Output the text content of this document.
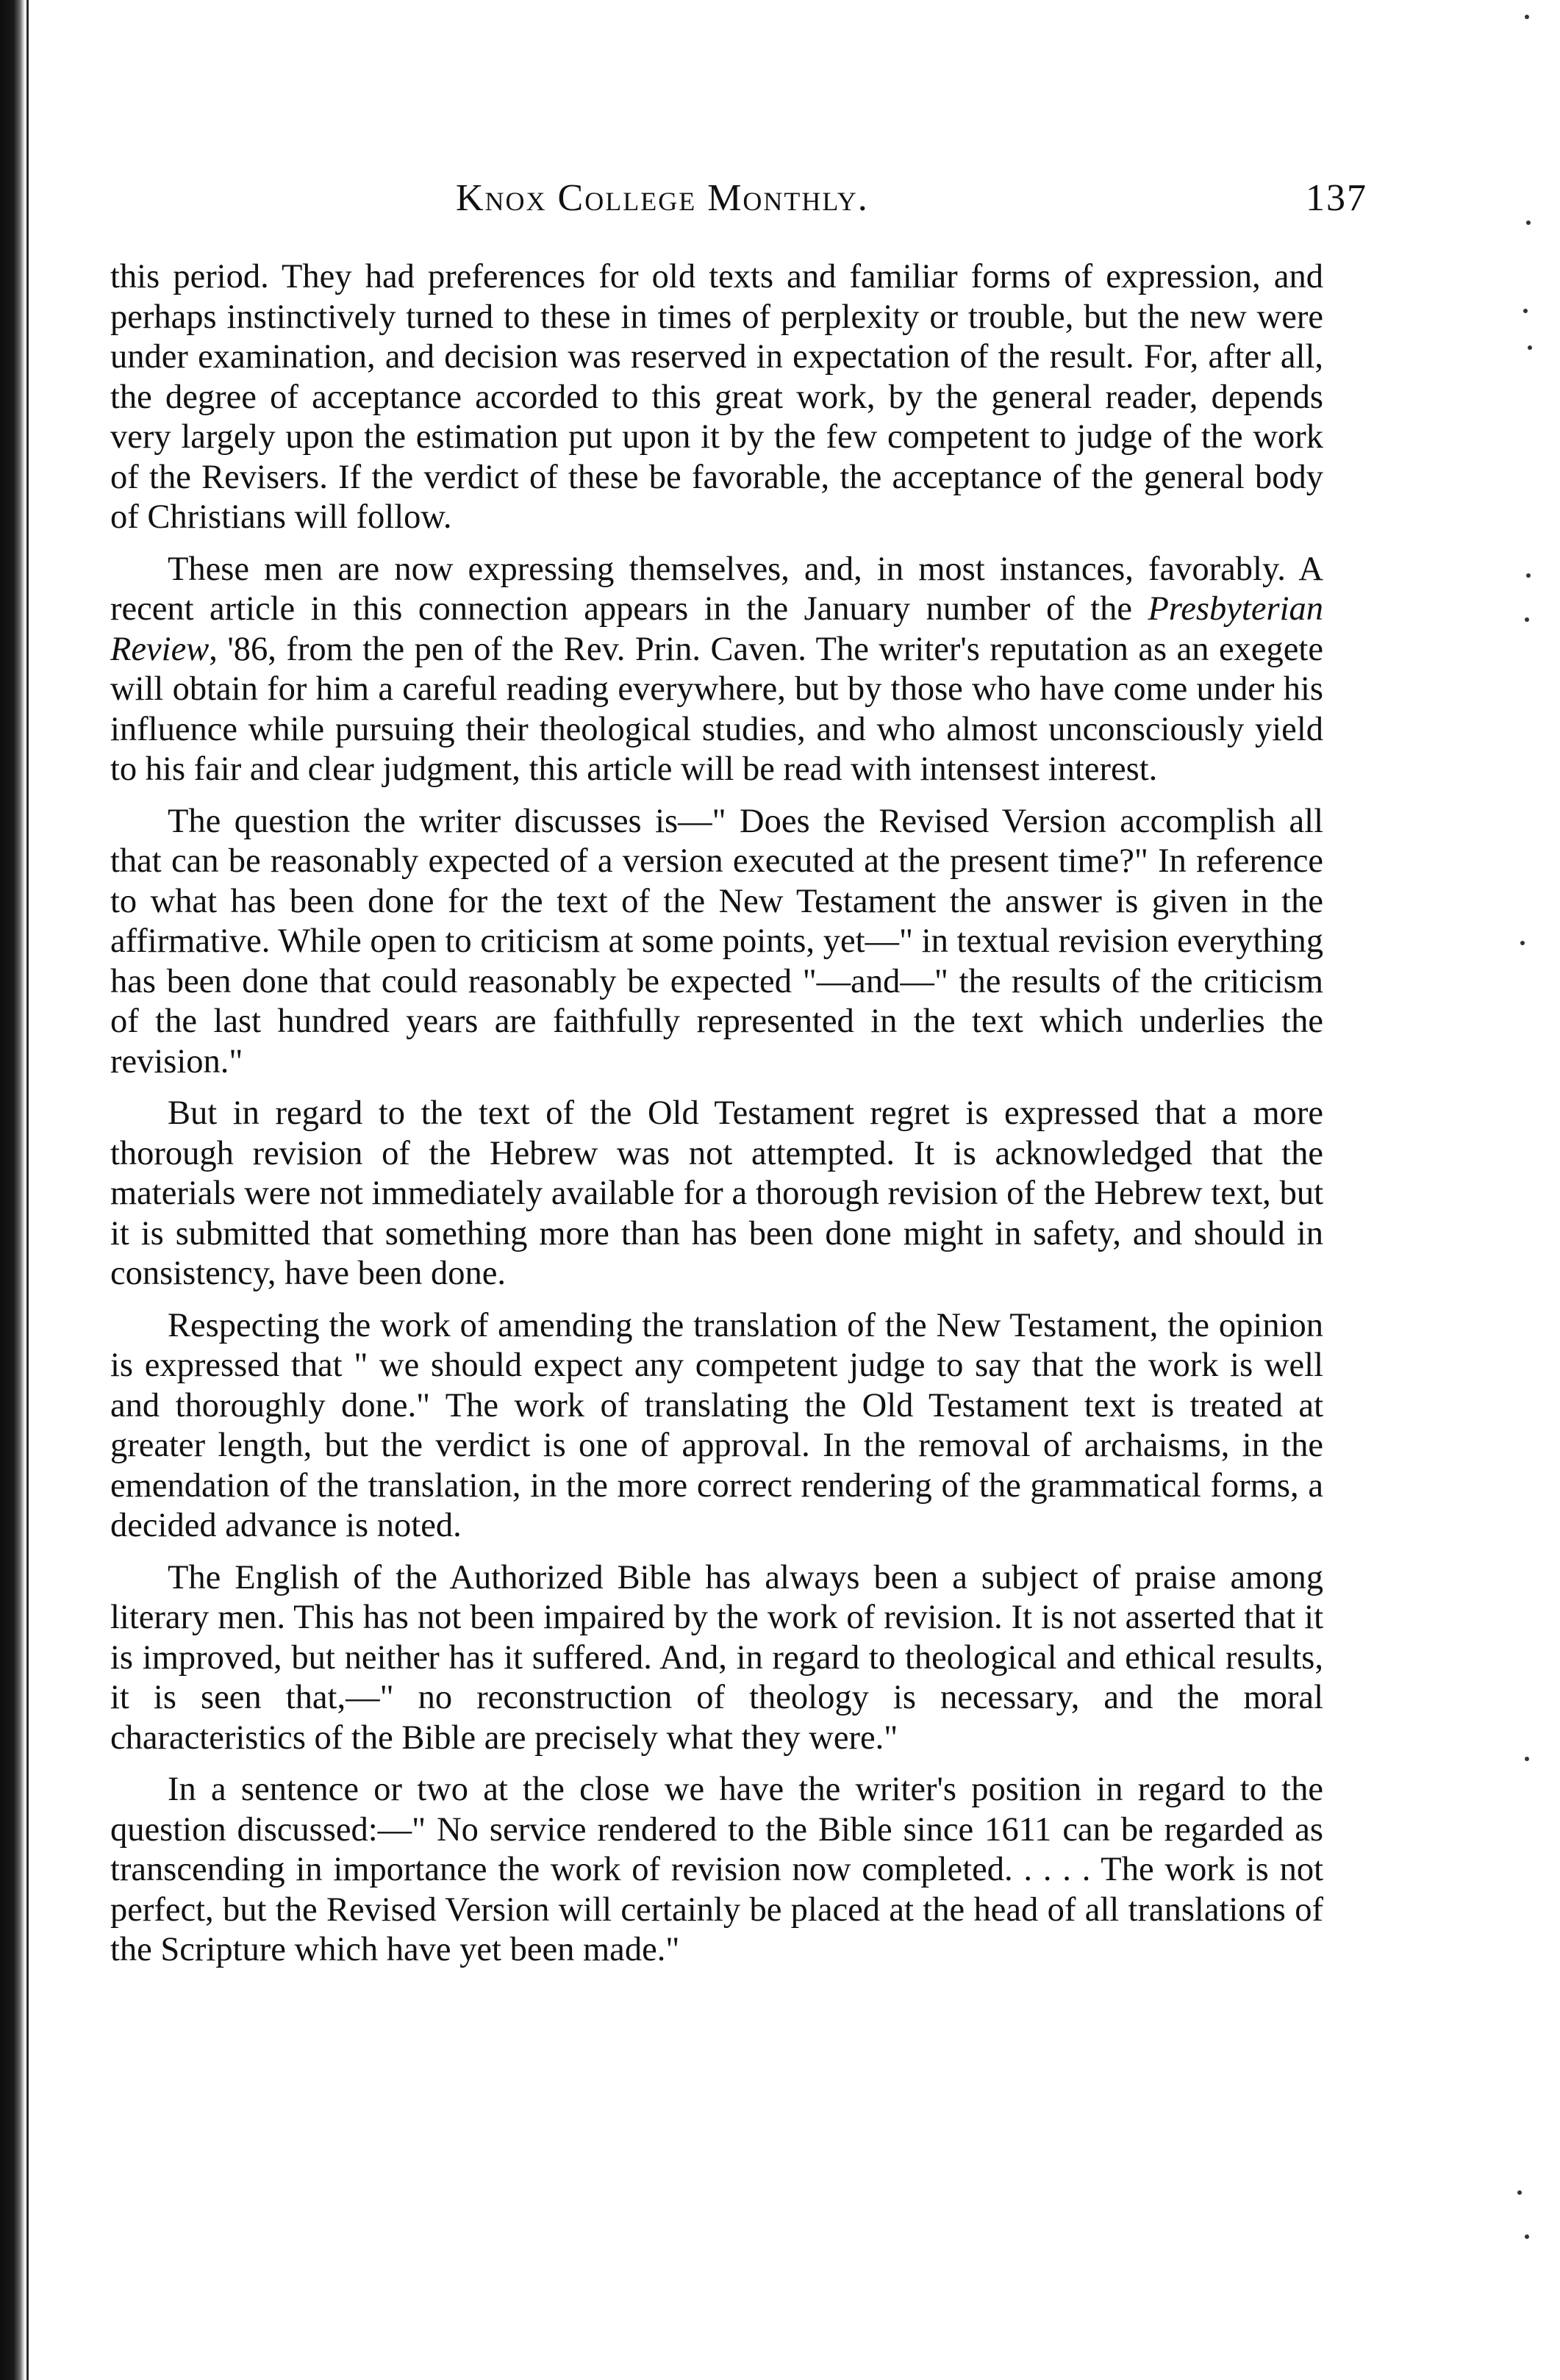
Knox College Monthly.	137

this period. They had preferences for old texts and familiar forms of expression, and perhaps instinctively turned to these in times of perplexity or trouble, but the new were under examination, and decision was reserved in expectation of the result. For, after all, the degree of acceptance accorded to this great work, by the general reader, depends very largely upon the estimation put upon it by the few competent to judge of the work of the Revisers. If the verdict of these be favorable, the acceptance of the general body of Christians will follow.

These men are now expressing themselves, and, in most instances, favorably. A recent article in this connection appears in the January number of the Presbyterian Review, '86, from the pen of the Rev. Prin. Caven. The writer's reputation as an exegete will obtain for him a careful reading everywhere, but by those who have come under his influence while pursuing their theological studies, and who almost unconsciously yield to his fair and clear judgment, this article will be read with intensest interest.

The question the writer discusses is—" Does the Revised Version accomplish all that can be reasonably expected of a version executed at the present time?" In reference to what has been done for the text of the New Testament the answer is given in the affirmative. While open to criticism at some points, yet—" in textual revision everything has been done that could reasonably be expected "—and—" the results of the criticism of the last hundred years are faithfully represented in the text which underlies the revision."

But in regard to the text of the Old Testament regret is expressed that a more thorough revision of the Hebrew was not attempted. It is acknowledged that the materials were not immediately available for a thorough revision of the Hebrew text, but it is submitted that something more than has been done might in safety, and should in consistency, have been done.

Respecting the work of amending the translation of the New Testament, the opinion is expressed that " we should expect any competent judge to say that the work is well and thoroughly done." The work of translating the Old Testament text is treated at greater length, but the verdict is one of approval. In the removal of archaisms, in the emendation of the translation, in the more correct rendering of the grammatical forms, a decided advance is noted.

The English of the Authorized Bible has always been a subject of praise among literary men. This has not been impaired by the work of revision. It is not asserted that it is improved, but neither has it suffered. And, in regard to theological and ethical results, it is seen that,—" no reconstruction of theology is necessary, and the moral characteristics of the Bible are precisely what they were."

In a sentence or two at the close we have the writer's position in regard to the question discussed:—" No service rendered to the Bible since 1611 can be regarded as transcending in importance the work of revision now completed. . . . . The work is not perfect, but the Revised Version will certainly be placed at the head of all translations of the Scripture which have yet been made."
